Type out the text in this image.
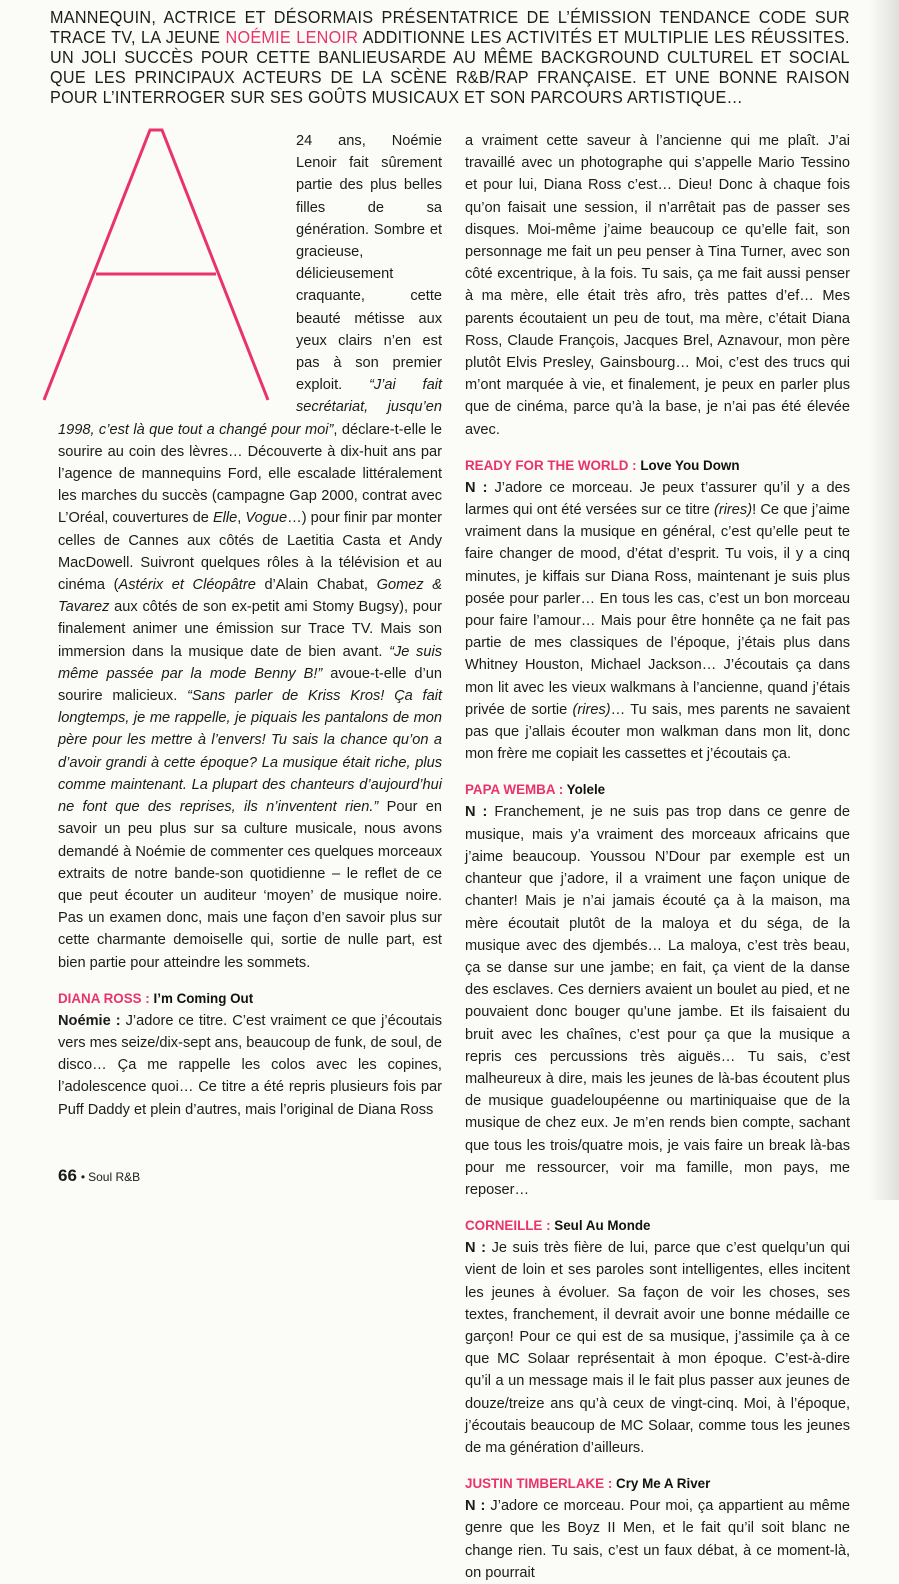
MANNEQUIN, ACTRICE ET DÉSORMAIS PRÉSENTATRICE DE L’ÉMISSION TENDANCE CODE SUR TRACE TV, LA JEUNE NOÉMIE LENOIR ADDITIONNE LES ACTIVITÉS ET MULTIPLIE LES RÉUSSITES. UN JOLI SUCCÈS POUR CETTE BANLIEUSARDE AU MÊME BACKGROUND CULTUREL ET SOCIAL QUE LES PRINCIPAUX ACTEURS DE LA SCÈNE R&B/RAP FRANÇAISE. ET UNE BONNE RAISON POUR L’INTERROGER SUR SES GOÛTS MUSICAUX ET SON PARCOURS ARTISTIQUE…

24 ans, Noémie Lenoir fait sûrement partie des plus belles filles de sa génération. Sombre et gracieuse, délicieusement craquante, cette beauté métisse aux yeux clairs n’en est pas à son premier exploit. “J’ai fait secrétariat, jusqu’en 1998, c’est là que tout a changé pour moi”, déclare-t-elle le sourire au coin des lèvres… Découverte à dix-huit ans par l’agence de mannequins Ford, elle escalade littéralement les marches du succès (campagne Gap 2000, contrat avec L’Oréal, couvertures de Elle, Vogue…) pour finir par monter celles de Cannes aux côtés de Laetitia Casta et Andy MacDowell. Suivront quelques rôles à la télévision et au cinéma (Astérix et Cléopâtre d’Alain Chabat, Gomez & Tavarez aux côtés de son ex-petit ami Stomy Bugsy), pour finalement animer une émission sur Trace TV. Mais son immersion dans la musique date de bien avant. “Je suis même passée par la mode Benny B!” avoue-t-elle d’un sourire malicieux. “Sans parler de Kriss Kros! Ça fait longtemps, je me rappelle, je piquais les pantalons de mon père pour les mettre à l’envers! Tu sais la chance qu’on a d’avoir grandi à cette époque? La musique était riche, plus comme maintenant. La plupart des chanteurs d’aujourd’hui ne font que des reprises, ils n’inventent rien.” Pour en savoir un peu plus sur sa culture musicale, nous avons demandé à Noémie de commenter ces quelques morceaux extraits de notre bande-son quotidienne – le reflet de ce que peut écouter un auditeur ‘moyen’ de musique noire. Pas un examen donc, mais une façon d’en savoir plus sur cette charmante demoiselle qui, sortie de nulle part, est bien partie pour atteindre les sommets.

DIANA ROSS : I’m Coming Out

Noémie : J’adore ce titre. C’est vraiment ce que j’écoutais vers mes seize/dix-sept ans, beaucoup de funk, de soul, de disco… Ça me rappelle les colos avec les copines, l’adolescence quoi… Ce titre a été repris plusieurs fois par Puff Daddy et plein d’autres, mais l’original de Diana Ross

a vraiment cette saveur à l’ancienne qui me plaît. J’ai travaillé avec un photographe qui s’appelle Mario Tessino et pour lui, Diana Ross c’est… Dieu! Donc à chaque fois qu’on faisait une session, il n’arrêtait pas de passer ses disques. Moi-même j’aime beaucoup ce qu’elle fait, son personnage me fait un peu penser à Tina Turner, avec son côté excentrique, à la fois. Tu sais, ça me fait aussi penser à ma mère, elle était très afro, très pattes d’ef… Mes parents écoutaient un peu de tout, ma mère, c’était Diana Ross, Claude François, Jacques Brel, Aznavour, mon père plutôt Elvis Presley, Gainsbourg… Moi, c’est des trucs qui m’ont marquée à vie, et finalement, je peux en parler plus que de cinéma, parce qu’à la base, je n’ai pas été élevée avec.

READY FOR THE WORLD : Love You Down

N : J’adore ce morceau. Je peux t’assurer qu’il y a des larmes qui ont été versées sur ce titre (rires)! Ce que j’aime vraiment dans la musique en général, c’est qu’elle peut te faire changer de mood, d’état d’esprit. Tu vois, il y a cinq minutes, je kiffais sur Diana Ross, maintenant je suis plus posée pour parler… En tous les cas, c’est un bon morceau pour faire l’amour… Mais pour être honnête ça ne fait pas partie de mes classiques de l’époque, j’étais plus dans Whitney Houston, Michael Jackson… J’écoutais ça dans mon lit avec les vieux walkmans à l’ancienne, quand j’étais privée de sortie (rires)… Tu sais, mes parents ne savaient pas que j’allais écouter mon walkman dans mon lit, donc mon frère me copiait les cassettes et j’écoutais ça.

PAPA WEMBA : Yolele

N : Franchement, je ne suis pas trop dans ce genre de musique, mais y’a vraiment des morceaux africains que j’aime beaucoup. Youssou N’Dour par exemple est un chanteur que j’adore, il a vraiment une façon unique de chanter! Mais je n’ai jamais écouté ça à la maison, ma mère écoutait plutôt de la maloya et du séga, de la musique avec des djembés… La maloya, c’est très beau, ça se danse sur une jambe; en fait, ça vient de la danse des esclaves. Ces derniers avaient un boulet au pied, et ne pouvaient donc bouger qu’une jambe. Et ils faisaient du bruit avec les chaînes, c’est pour ça que la musique a repris ces percussions très aiguës… Tu sais, c’est malheureux à dire, mais les jeunes de là-bas écoutent plus de musique guadeloupéenne ou martiniquaise que de la musique de chez eux. Je m’en rends bien compte, sachant que tous les trois/quatre mois, je vais faire un break là-bas pour me ressourcer, voir ma famille, mon pays, me reposer…

CORNEILLE : Seul Au Monde

N : Je suis très fière de lui, parce que c’est quelqu’un qui vient de loin et ses paroles sont intelligentes, elles incitent les jeunes à évoluer. Sa façon de voir les choses, ses textes, franchement, il devrait avoir une bonne médaille ce garçon! Pour ce qui est de sa musique, j’assimile ça à ce que MC Solaar représentait à mon époque. C’est-à-dire qu’il a un message mais il le fait plus passer aux jeunes de douze/treize ans qu’à ceux de vingt-cinq. Moi, à l’époque, j’écoutais beaucoup de MC Solaar, comme tous les jeunes de ma génération d’ailleurs.

JUSTIN TIMBERLAKE : Cry Me A River

N : J’adore ce morceau. Pour moi, ça appartient au même genre que les Boyz II Men, et le fait qu’il soit blanc ne change rien. Tu sais, c’est un faux débat, à ce moment-là, on pourrait

66 • Soul R&B
